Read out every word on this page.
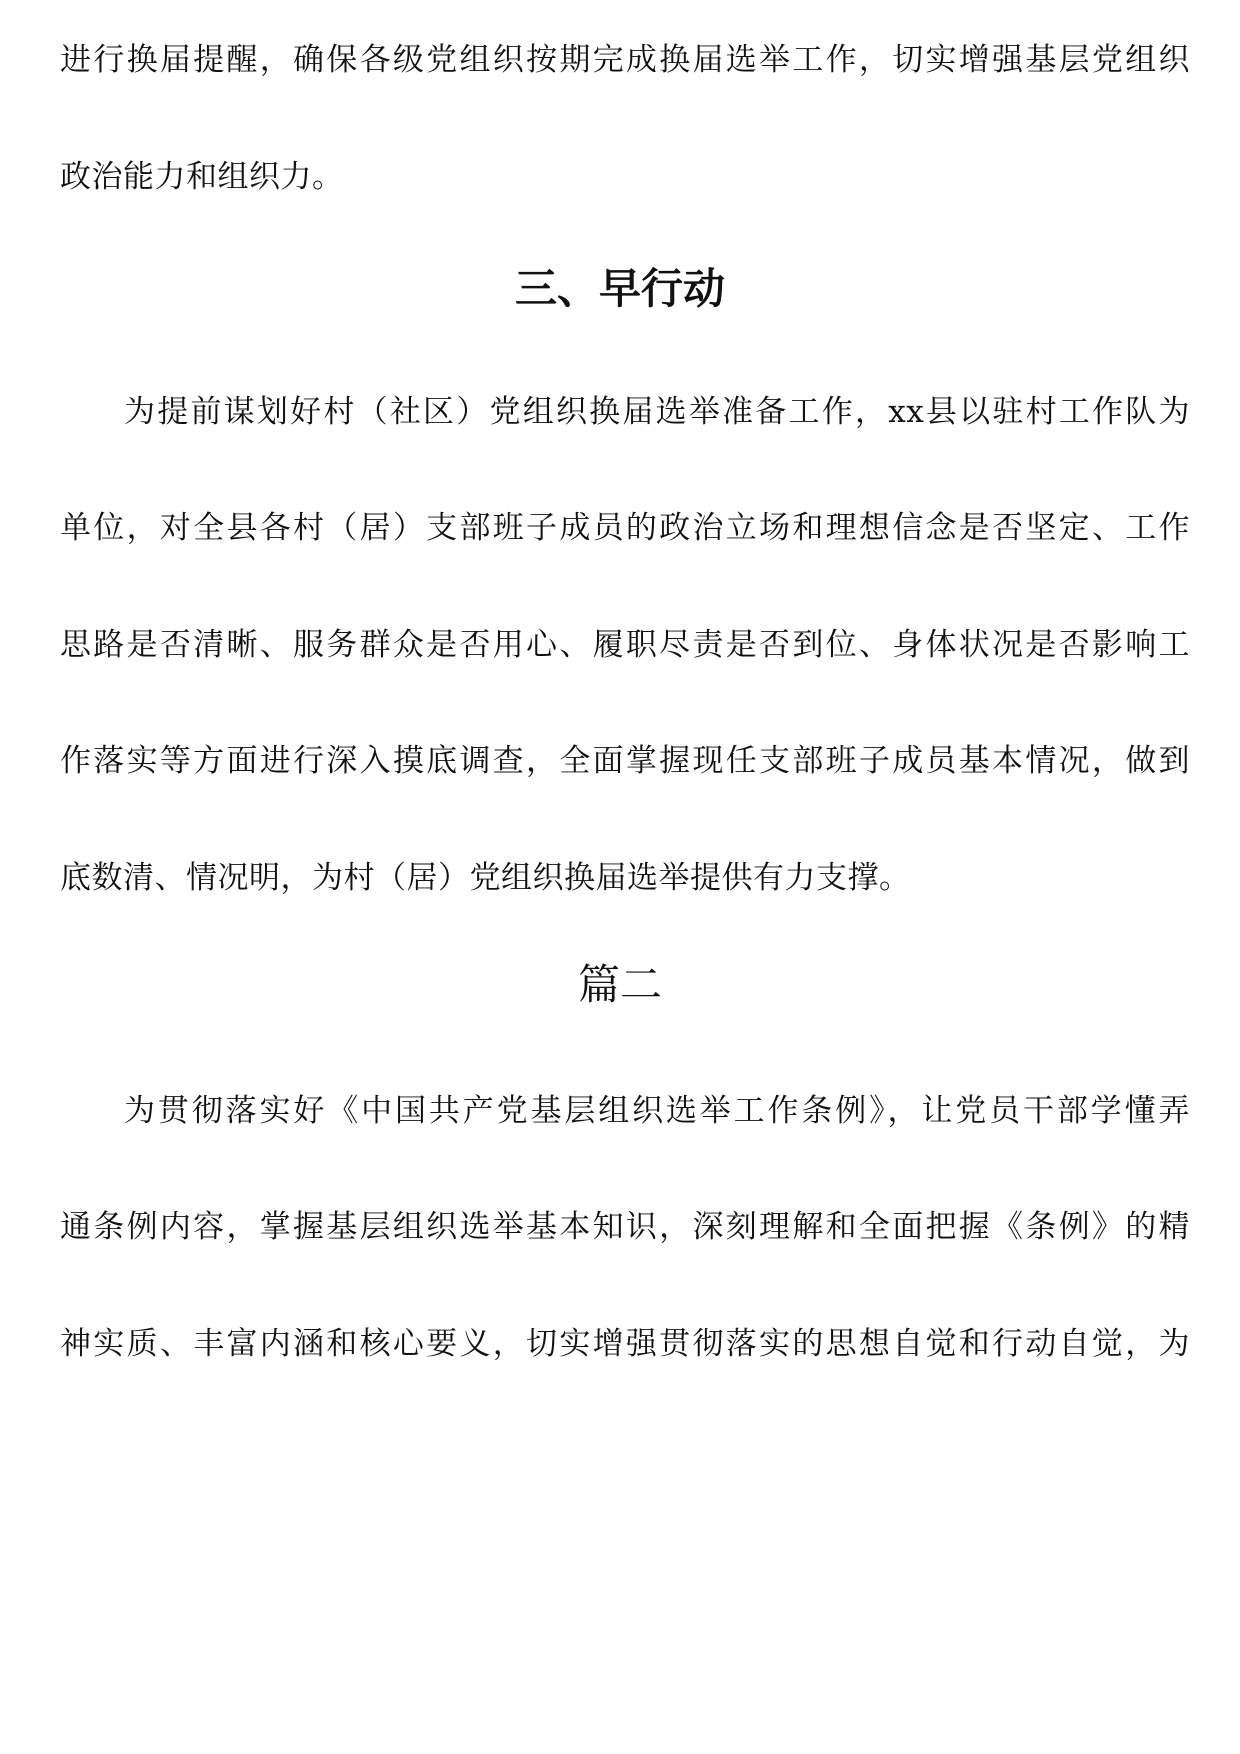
进行换届提醒，确保各级党组织按期完成换届选举工作，切实增强基层党组织
政治能力和组织力。
三、早行动
为提前谋划好村（社区）党组织换届选举准备工作，xx县以驻村工作队为
单位，对全县各村（居）支部班子成员的政治立场和理想信念是否坚定、工作
思路是否清晰、服务群众是否用心、履职尽责是否到位、身体状况是否影响工
作落实等方面进行深入摸底调查，全面掌握现任支部班子成员基本情况，做到
底数清、情况明，为村（居）党组织换届选举提供有力支撑。
篇二
为贯彻落实好《中国共产党基层组织选举工作条例》，让党员干部学懂弄
通条例内容，掌握基层组织选举基本知识，深刻理解和全面把握《条例》的精
神实质、丰富内涵和核心要义，切实增强贯彻落实的思想自觉和行动自觉，为
